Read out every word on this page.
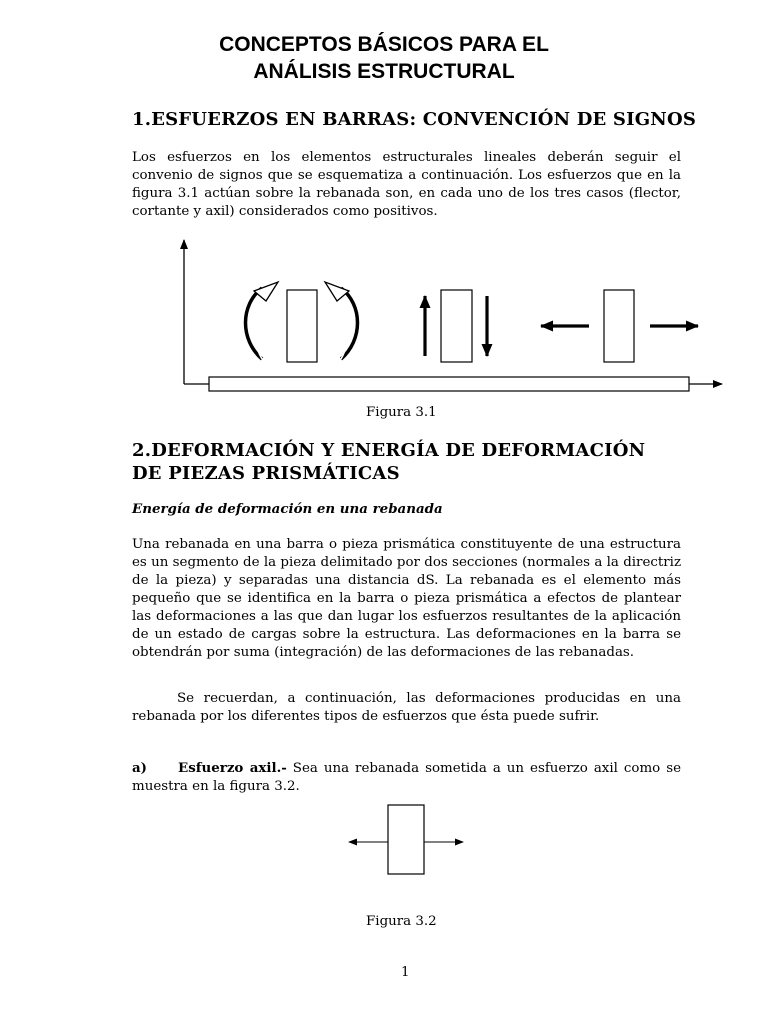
CONCEPTOS BÁSICOS PARA EL
ANÁLISIS ESTRUCTURAL
1.ESFUERZOS EN BARRAS: CONVENCIÓN DE SIGNOS
Los esfuerzos en los elementos estructurales lineales deberán seguir el convenio de signos que se esquematiza a continuación. Los esfuerzos que en la figura 3.1 actúan sobre la rebanada son, en cada uno de los tres casos (flector, cortante y axil) considerados como positivos.
Figura 3.1
2.DEFORMACIÓN Y ENERGÍA DE DEFORMACIÓN
DE PIEZAS PRISMÁTICAS
Energía de deformación en una rebanada
Una rebanada en una barra o pieza prismática constituyente de una estructura es un segmento de la pieza delimitado por dos secciones (normales a la directriz de la pieza) y separadas una distancia dS. La rebanada es el elemento más pequeño que se identifica en la barra o pieza prismática a efectos de plantear las deformaciones a las que dan lugar los esfuerzos resultantes de la aplicación de un estado de cargas sobre la estructura. Las deformaciones en la barra se obtendrán por suma (integración) de las deformaciones de las rebanadas.
Se recuerdan, a continuación, las deformaciones producidas en una rebanada por los diferentes tipos de esfuerzos que ésta puede sufrir.
a) Esfuerzo axil.- Sea una rebanada sometida a un esfuerzo axil como se muestra en la figura 3.2.
Figura 3.2
1
